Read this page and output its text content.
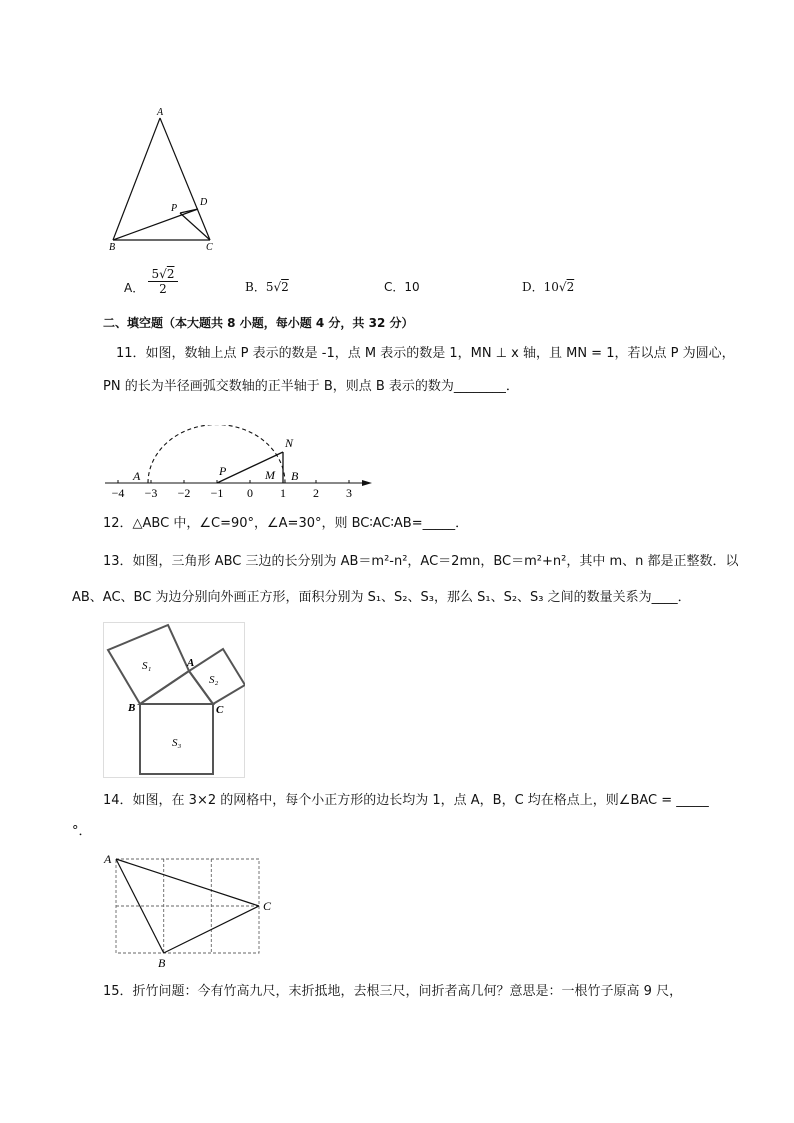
A
B	C
D
P
A．
5√2
2	B．5√2	C．10	D．10√2
二、填空题（本大题共 8 小题，每小题 4 分，共 32 分）
11．如图，数轴上点 P 表示的数是 -1，点 M 表示的数是 1，MN ⊥ x 轴，且 MN = 1，若以点 P 为圆心，
PN 的长为半径画弧交数轴的正半轴于 B，则点 B 表示的数为________．
−4 −3 −2 −1 0 1 2 3
A	P	M
N
B
12．△ABC 中，∠C=90°，∠A=30°，则 BC∶AC∶AB=_____．
13．如图，三角形 ABC 三边的长分别为 AB＝m²-n²，AC＝2mn，BC＝m²+n²，其中 m、n 都是正整数．以
AB、AC、BC 为边分别向外画正方形，面积分别为 S₁、S₂、S₃，那么 S₁、S₂、S₃ 之间的数量关系为____．
S₁
S₂
S₃
A
B	C
14．如图，在 3×2 的网格中，每个小正方形的边长均为 1，点 A，B，C 均在格点上，则∠BAC = _____
°．
A
B
C
15．折竹问题：今有竹高九尺，末折抵地，去根三尺，问折者高几何？意思是：一根竹子原高 9 尺，
